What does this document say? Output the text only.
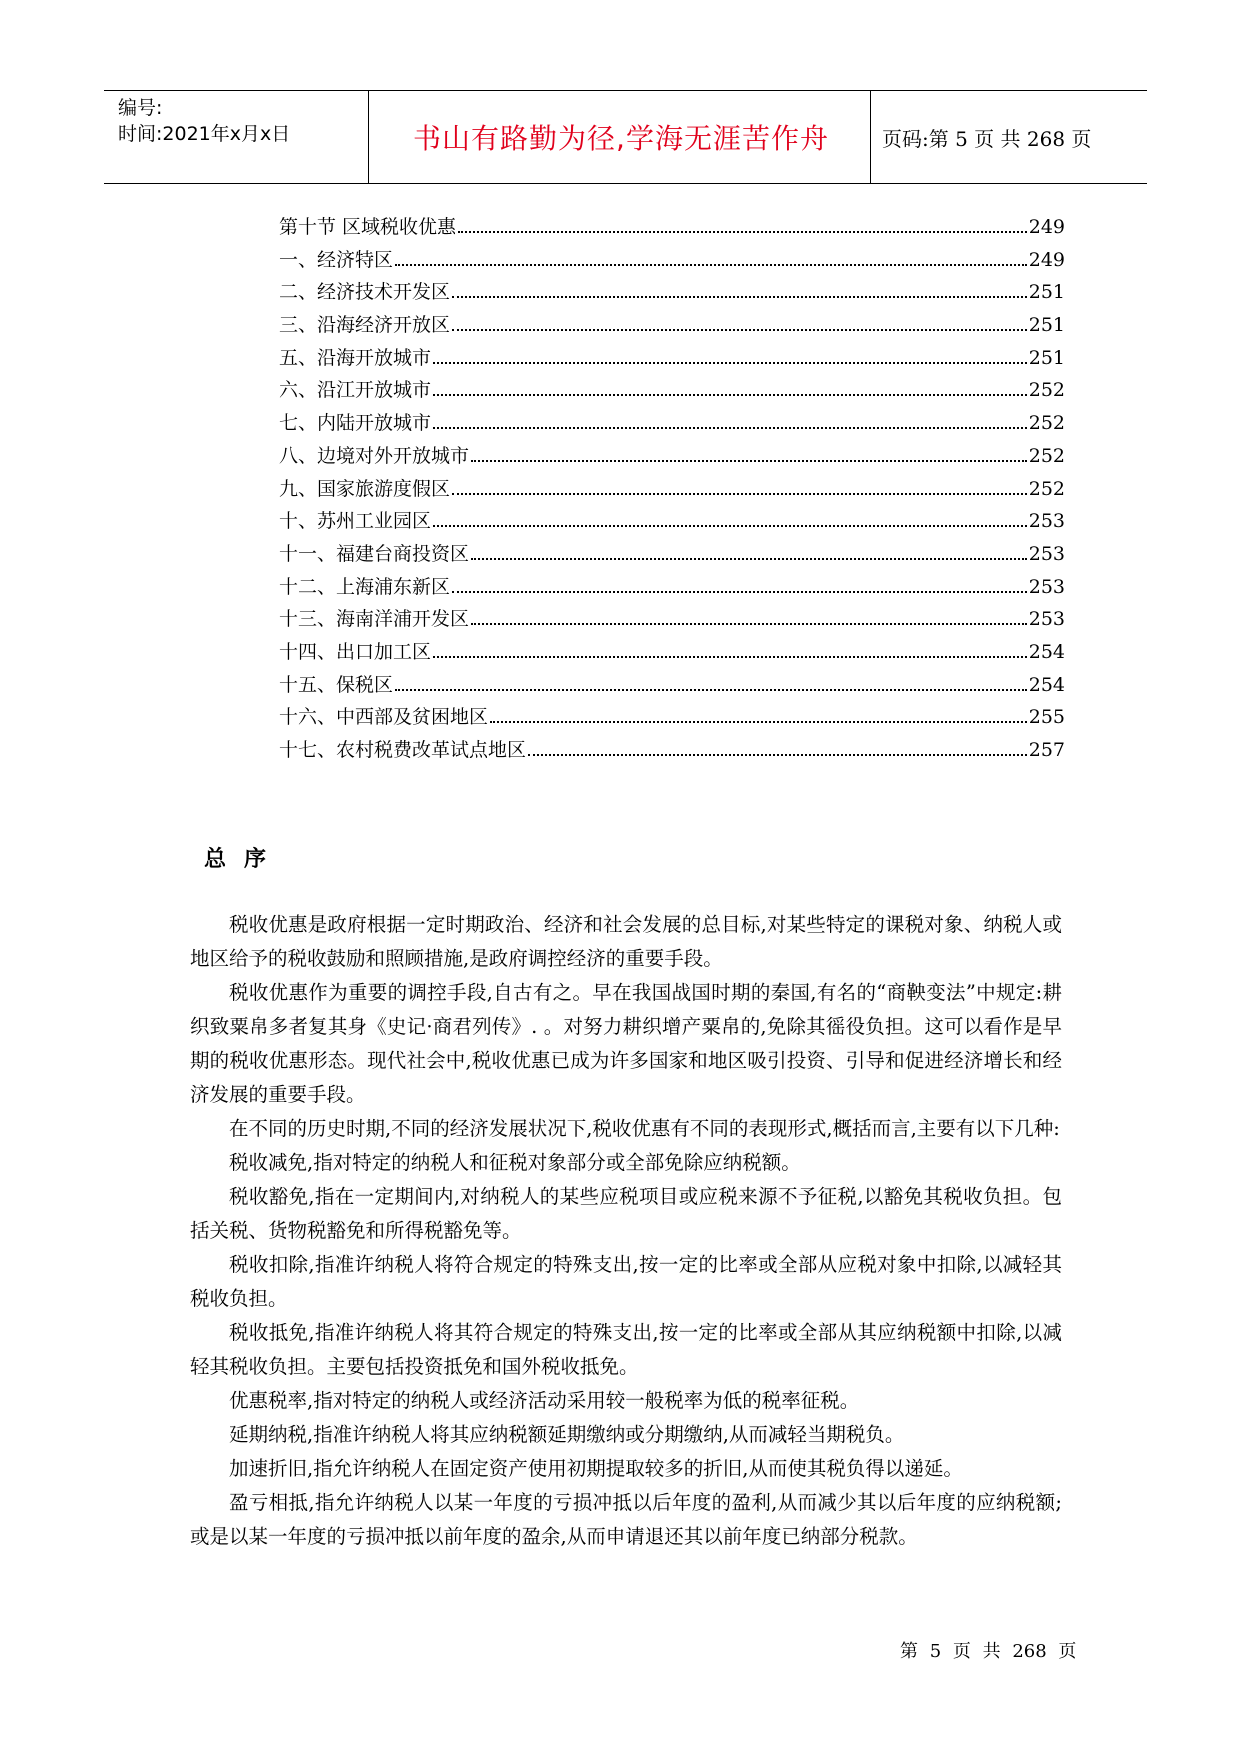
编号:
时间:2021年x月x日	书山有路勤为径,学海无涯苦作舟	页码:第 5 页 共 268 页
第十节 区域税收优惠	249
一、经济特区	249
二、经济技术开发区	251
三、沿海经济开放区	251
五、沿海开放城市	251
六、沿江开放城市	252
七、内陆开放城市	252
八、边境对外开放城市	252
九、国家旅游度假区	252
十、苏州工业园区	253
十一、福建台商投资区	253
十二、上海浦东新区	253
十三、海南洋浦开发区	253
十四、出口加工区	254
十五、保税区	254
十六、中西部及贫困地区	255
十七、农村税费改革试点地区	257
总序

税收优惠是政府根据一定时期政治、经济和社会发展的总目标,对某些特定的课税对象、纳税人或地区给予的税收鼓励和照顾措施,是政府调控经济的重要手段。

税收优惠作为重要的调控手段,自古有之。早在我国战国时期的秦国,有名的“商鞅变法”中规定:耕织致粟帛多者复其身《史记·商君列传》. 。对努力耕织增产粟帛的,免除其徭役负担。这可以看作是早期的税收优惠形态。现代社会中,税收优惠已成为许多国家和地区吸引投资、引导和促进经济增长和经济发展的重要手段。

在不同的历史时期,不同的经济发展状况下,税收优惠有不同的表现形式,概括而言,主要有以下几种:

税收减免,指对特定的纳税人和征税对象部分或全部免除应纳税额。

税收豁免,指在一定期间内,对纳税人的某些应税项目或应税来源不予征税,以豁免其税收负担。包括关税、货物税豁免和所得税豁免等。

税收扣除,指准许纳税人将符合规定的特殊支出,按一定的比率或全部从应税对象中扣除,以减轻其税收负担。

税收抵免,指准许纳税人将其符合规定的特殊支出,按一定的比率或全部从其应纳税额中扣除,以减轻其税收负担。主要包括投资抵免和国外税收抵免。

优惠税率,指对特定的纳税人或经济活动采用较一般税率为低的税率征税。

延期纳税,指准许纳税人将其应纳税额延期缴纳或分期缴纳,从而减轻当期税负。

加速折旧,指允许纳税人在固定资产使用初期提取较多的折旧,从而使其税负得以递延。

盈亏相抵,指允许纳税人以某一年度的亏损冲抵以后年度的盈利,从而减少其以后年度的应纳税额;或是以某一年度的亏损冲抵以前年度的盈余,从而申请退还其以前年度已纳部分税款。

第 5 页 共 268 页
